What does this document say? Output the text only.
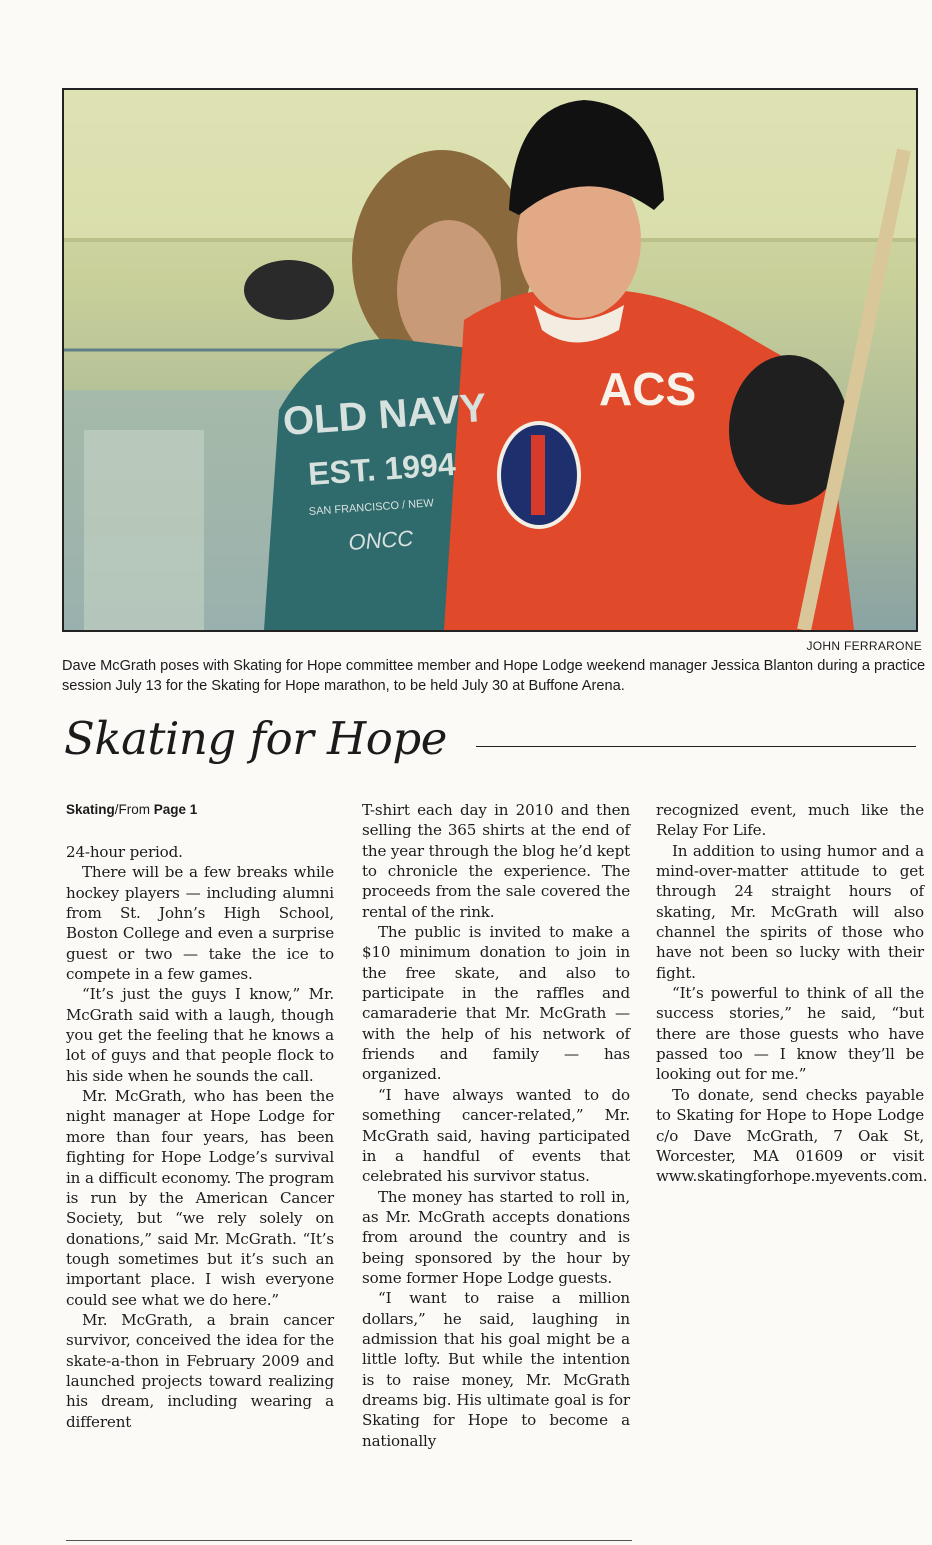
ACS
OLD NAVY
EST. 1994
SAN FRANCISCO / NEW
ONCC
JOHN FERRARONE
Dave McGrath poses with Skating for Hope committee member and Hope Lodge weekend manager Jessica Blanton during a practice session July 13 for the Skating for Hope marathon, to be held July 30 at Buffone Arena.
Skating for Hope
Skating/From Page 1

24-hour period.

There will be a few breaks while hockey players — including alumni from St. John’s High School, Boston College and even a surprise guest or two — take the ice to compete in a few games.

“It’s just the guys I know,” Mr. McGrath said with a laugh, though you get the feeling that he knows a lot of guys and that people flock to his side when he sounds the call.

Mr. McGrath, who has been the night manager at Hope Lodge for more than four years, has been fighting for Hope Lodge’s survival in a difficult economy. The program is run by the American Cancer Society, but “we rely solely on donations,” said Mr. McGrath. “It’s tough sometimes but it’s such an important place. I wish everyone could see what we do here.”

Mr. McGrath, a brain cancer survivor, conceived the idea for the skate-a-thon in February 2009 and launched projects toward realizing his dream, including wearing a different

T-shirt each day in 2010 and then selling the 365 shirts at the end of the year through the blog he’d kept to chronicle the experience. The proceeds from the sale covered the rental of the rink.

The public is invited to make a $10 minimum donation to join in the free skate, and also to participate in the raffles and camaraderie that Mr. McGrath — with the help of his network of friends and family — has organized.

“I have always wanted to do something cancer-related,” Mr. McGrath said, having participated in a handful of events that celebrated his survivor status.

The money has started to roll in, as Mr. McGrath accepts donations from around the country and is being sponsored by the hour by some former Hope Lodge guests.

“I want to raise a million dollars,” he said, laughing in admission that his goal might be a little lofty. But while the intention is to raise money, Mr. McGrath dreams big. His ultimate goal is for Skating for Hope to become a nationally

recognized event, much like the Relay For Life.

In addition to using humor and a mind-over-matter attitude to get through 24 straight hours of skating, Mr. McGrath will also channel the spirits of those who have not been so lucky with their fight.

“It’s powerful to think of all the success stories,” he said, “but there are those guests who have passed too — I know they’ll be looking out for me.”

To donate, send checks payable to Skating for Hope to Hope Lodge c/o Dave McGrath, 7 Oak St, Worcester, MA 01609 or visit www.skatingforhope.myevents.com.
